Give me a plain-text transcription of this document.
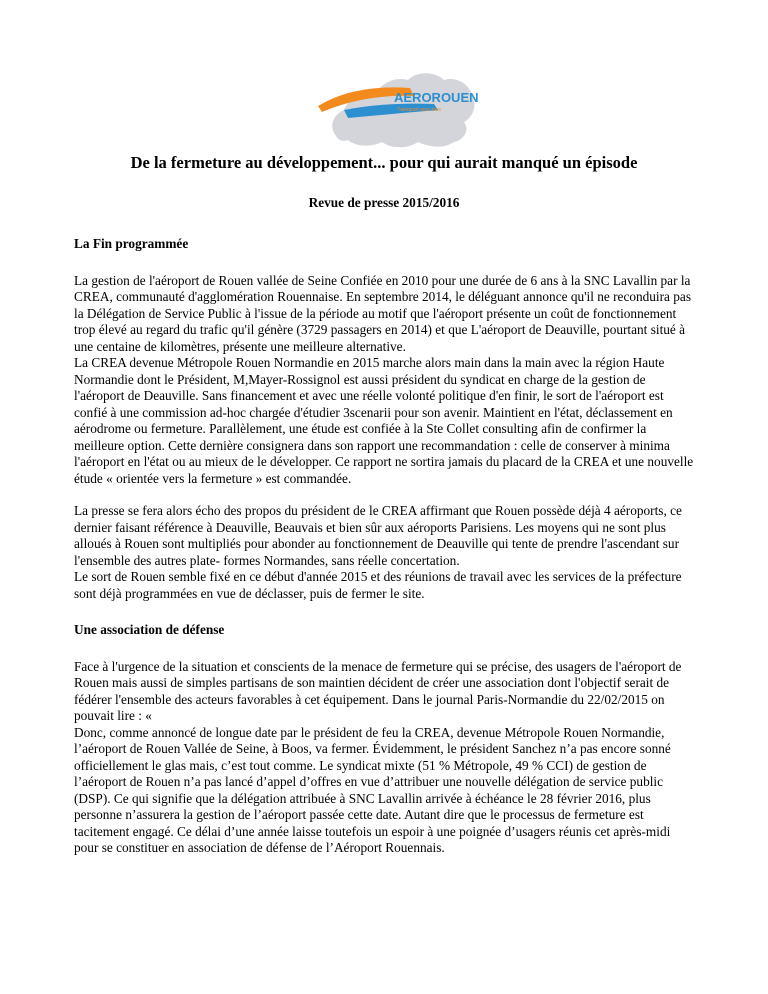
AEROROUEN
l'aéroport pour tous
De la fermeture au développement... pour qui aurait manqué un épisode
Revue de presse 2015/2016
La Fin programmée

La gestion de l'aéroport de Rouen vallée de Seine Confiée en 2010 pour une durée de 6 ans à la SNC Lavallin par la CREA, communauté d'agglomération Rouennaise. En septembre 2014, le déléguant annonce qu'il ne reconduira pas la Délégation de Service Public à l'issue de la période au motif que l'aéroport présente un coût de fonctionnement trop élevé au regard du trafic qu'il génère (3729 passagers en 2014) et que L'aéroport de Deauville, pourtant situé à une centaine de kilomètres, présente une meilleure alternative.

La CREA devenue Métropole Rouen Normandie en 2015 marche alors main dans la main avec la région Haute Normandie dont le Président, M,Mayer-Rossignol est aussi président du syndicat en charge de la gestion de l'aéroport de Deauville. Sans financement et avec une réelle volonté politique d'en finir, le sort de l'aéroport est confié à une commission ad-hoc chargée d'étudier 3scenarii pour son avenir. Maintient en l'état, déclassement en aérodrome ou fermeture. Parallèlement, une étude est confiée à la Ste Collet consulting afin de confirmer la meilleure option. Cette dernière consignera dans son rapport une recommandation : celle de conserver à minima l'aéroport en l'état ou au mieux de le développer. Ce rapport ne sortira jamais du placard de la CREA et une nouvelle étude « orientée vers la fermeture » est commandée.

La presse se fera alors écho des propos du président de le CREA affirmant que Rouen possède déjà 4 aéroports, ce dernier faisant référence à Deauville, Beauvais et bien sûr aux aéroports Parisiens. Les moyens qui ne sont plus alloués à Rouen sont multipliés pour abonder au fonctionnement de Deauville qui tente de prendre l'ascendant sur l'ensemble des autres plate- formes Normandes, sans réelle concertation.

Le sort de Rouen semble fixé en ce début d'année 2015 et des réunions de travail avec les services de la préfecture sont déjà programmées en vue de déclasser, puis de fermer le site.

Une association de défense

Face à l'urgence de la situation et conscients de la menace de fermeture qui se précise, des usagers de l'aéroport de Rouen mais aussi de simples partisans de son maintien décident de créer une association dont l'objectif serait de fédérer l'ensemble des acteurs favorables à cet équipement. Dans le journal Paris-Normandie du 22/02/2015 on pouvait lire : «

Donc, comme annoncé de longue date par le président de feu la CREA, devenue Métropole Rouen Normandie, l’aéroport de Rouen Vallée de Seine, à Boos, va fermer. Évidemment, le président Sanchez n’a pas encore sonné officiellement le glas mais, c’est tout comme. Le syndicat mixte (51 % Métropole, 49 % CCI) de gestion de l’aéroport de Rouen n’a pas lancé d’appel d’offres en vue d’attribuer une nouvelle délégation de service public (DSP). Ce qui signifie que la délégation attribuée à SNC Lavallin arrivée à échéance le 28 février 2016, plus personne n’assurera la gestion de l’aéroport passée cette date. Autant dire que le processus de fermeture est tacitement engagé. Ce délai d’une année laisse toutefois un espoir à une poignée d’usagers réunis cet après-midi pour se constituer en association de défense de l’Aéroport Rouennais.
